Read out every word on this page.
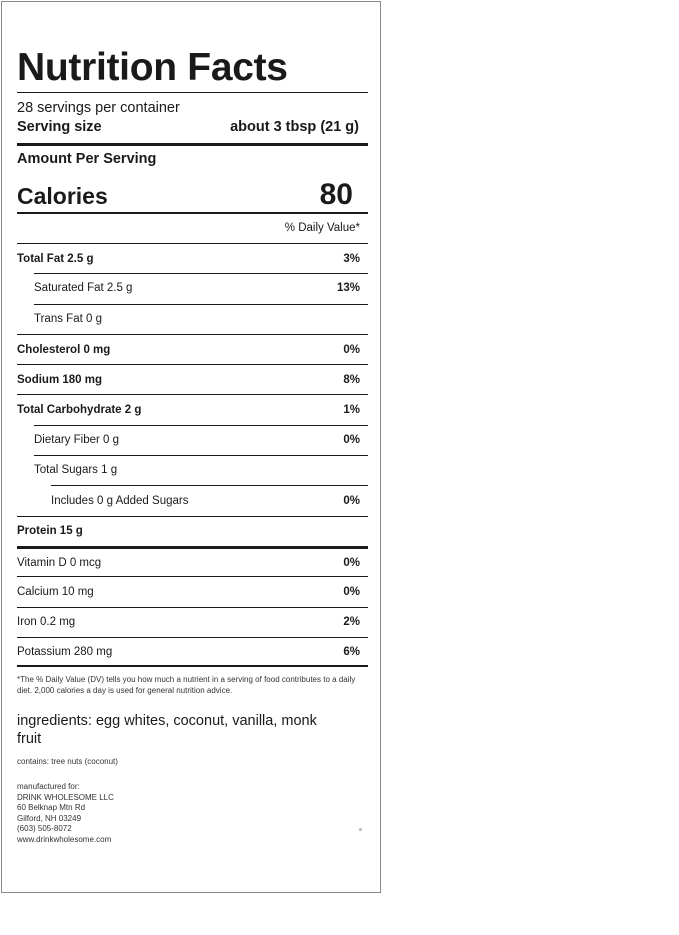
Nutrition Facts
28 servings per container
Serving size	about 3 tbsp (21 g)
Amount Per Serving
Calories	80
% Daily Value*
Total Fat 2.5 g	3%
Saturated Fat 2.5 g	13%
Trans Fat 0 g
Cholesterol 0 mg	0%
Sodium 180 mg	8%
Total Carbohydrate 2 g	1%
Dietary Fiber 0 g	0%
Total Sugars 1 g
Includes 0 g Added Sugars	0%
Protein 15 g
Vitamin D 0 mcg	0%
Calcium 10 mg	0%
Iron 0.2 mg	2%
Potassium 280 mg	6%
*The % Daily Value (DV) tells you how much a nutrient in a serving of food contributes to a daily diet. 2,000 calories a day is used for general nutrition advice.
ingredients: egg whites, coconut, vanilla, monk fruit
contains: tree nuts (coconut)
manufactured for:
DRINK WHOLESOME LLC
60 Belknap Mtn Rd
Gilford, NH 03249
(603) 505-8072
www.drinkwholesome.com
